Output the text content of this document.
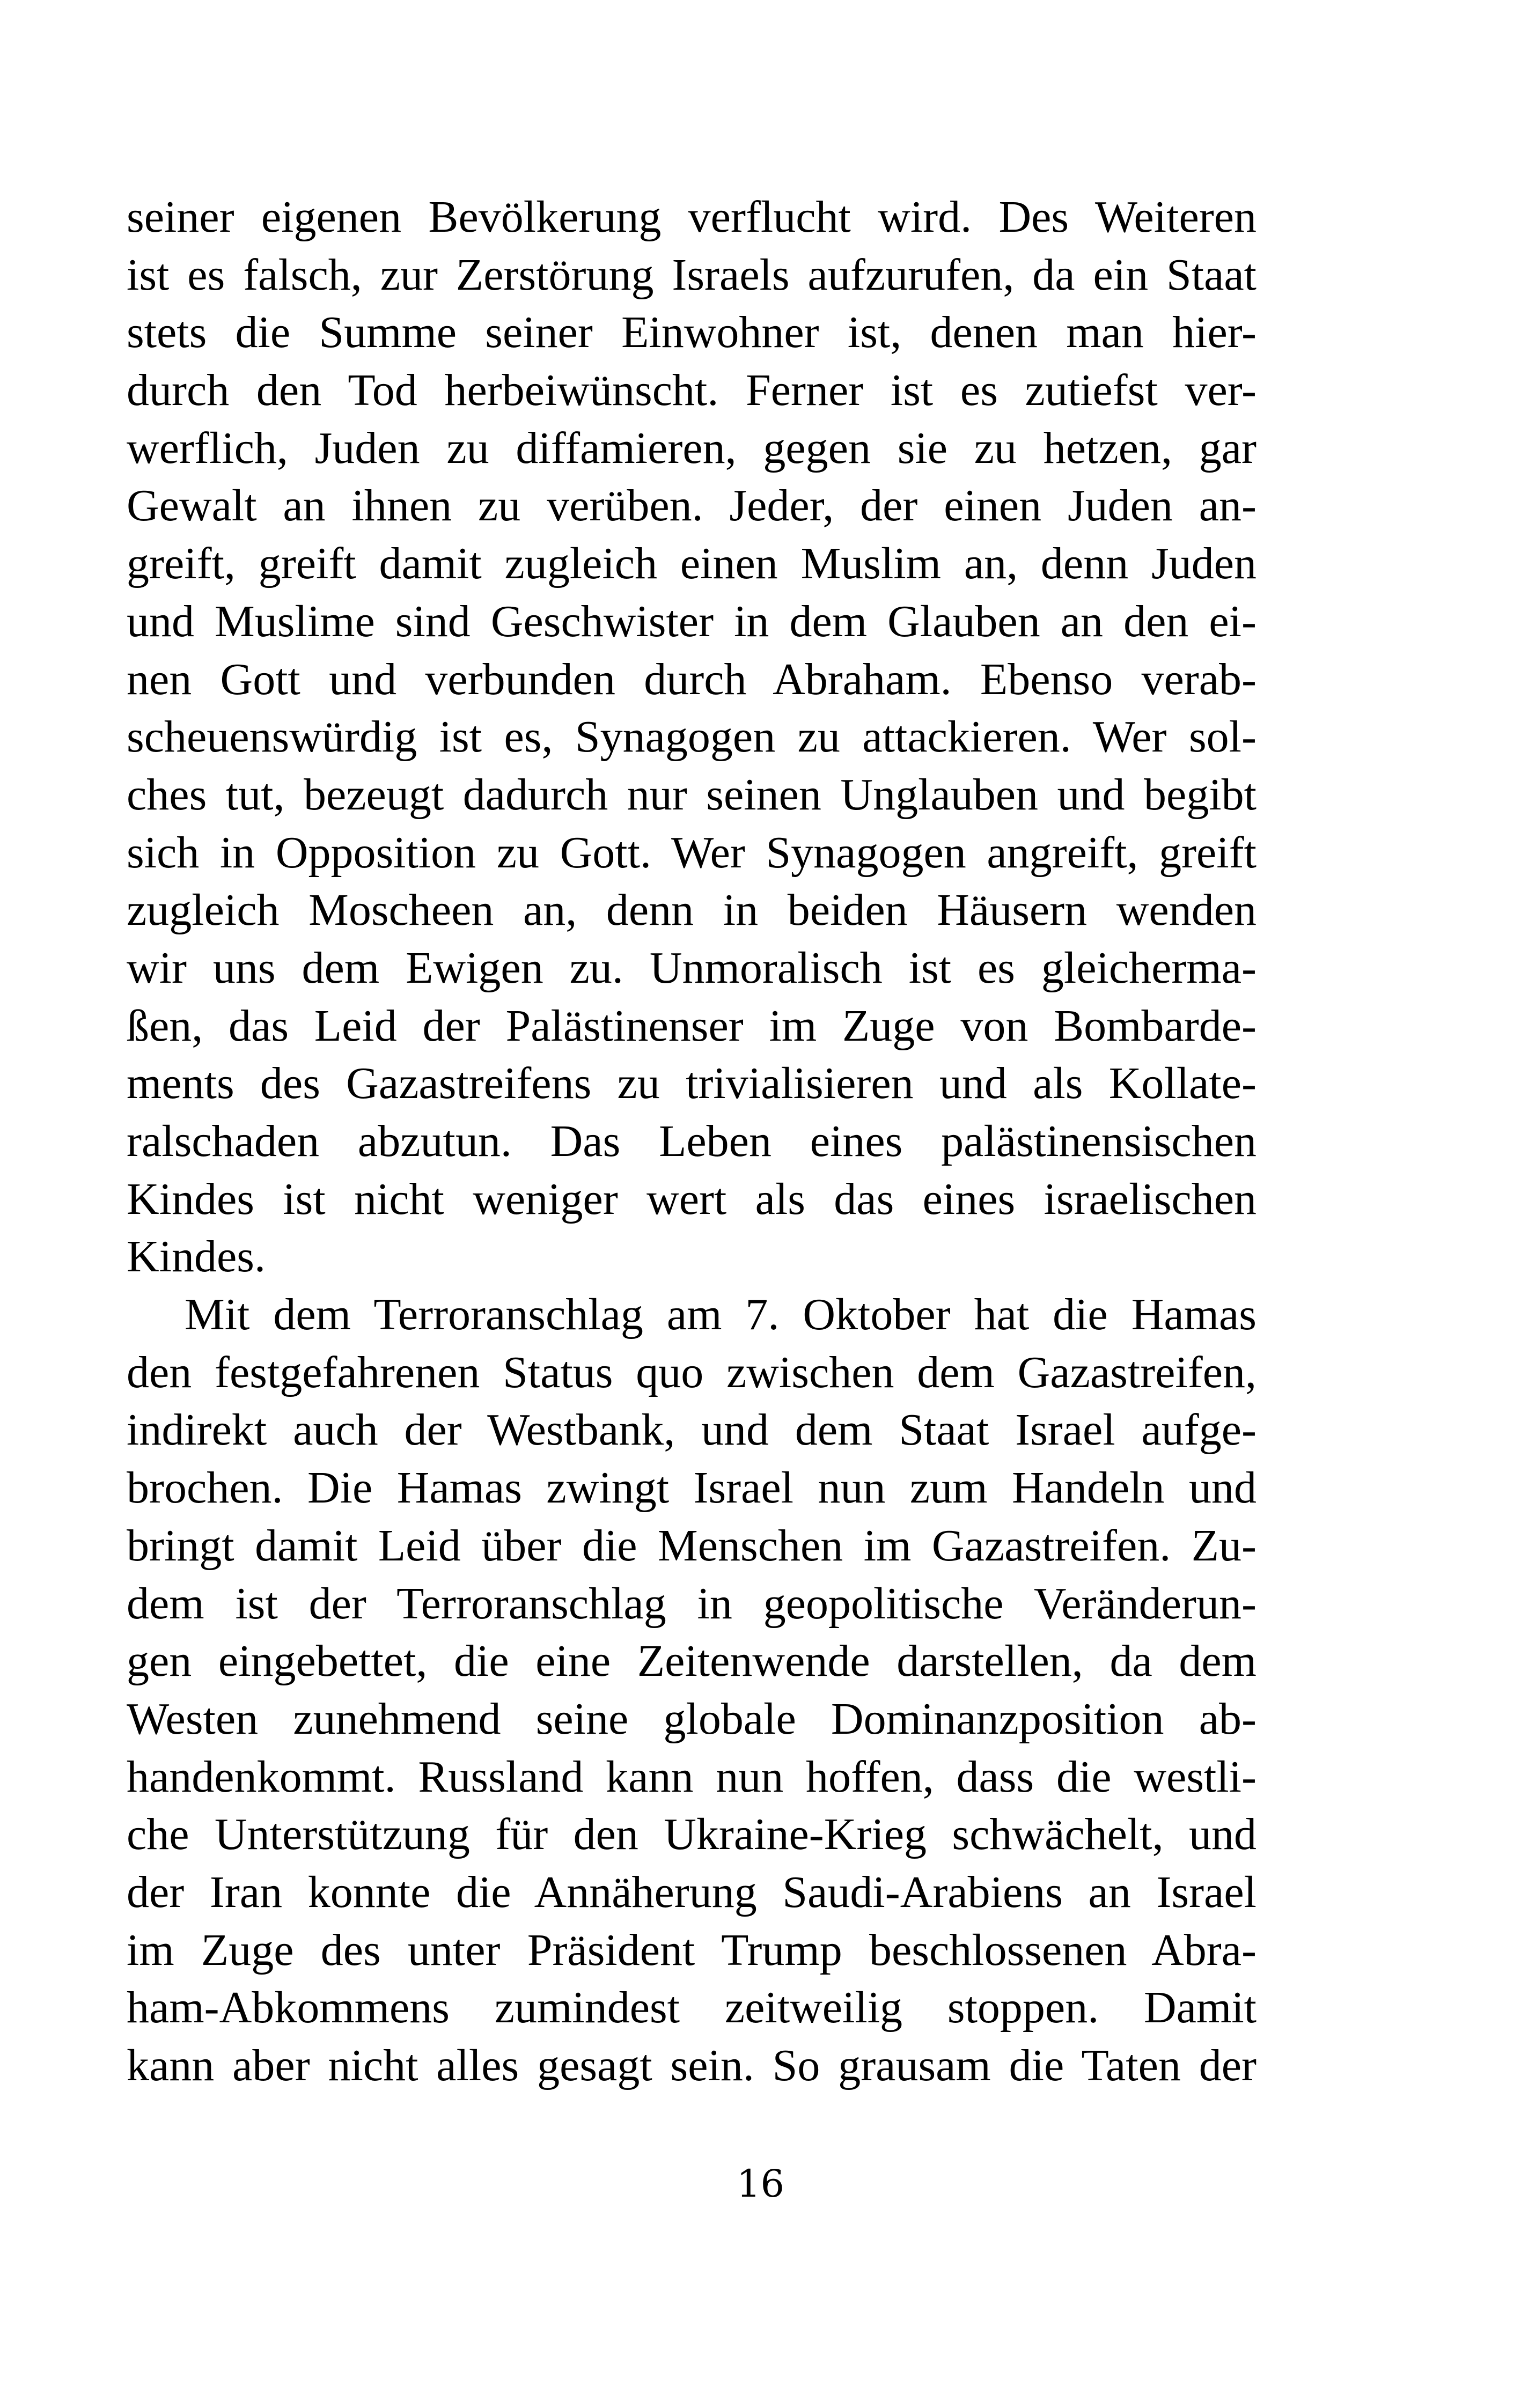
seiner eigenen Bevölkerung verflucht wird. Des Weiteren
ist es falsch, zur Zerstörung Israels aufzurufen, da ein Staat
stets die Summe seiner Einwohner ist, denen man hier-
durch den Tod herbeiwünscht. Ferner ist es zutiefst ver-
werflich, Juden zu diffamieren, gegen sie zu hetzen, gar
Gewalt an ihnen zu verüben. Jeder, der einen Juden an-
greift, greift damit zugleich einen Muslim an, denn Juden
und Muslime sind Geschwister in dem Glauben an den ei-
nen Gott und verbunden durch Abraham. Ebenso verab-
scheuenswürdig ist es, Synagogen zu attackieren. Wer sol-
ches tut, bezeugt dadurch nur seinen Unglauben und begibt
sich in Opposition zu Gott. Wer Synagogen angreift, greift
zugleich Moscheen an, denn in beiden Häusern wenden
wir uns dem Ewigen zu. Unmoralisch ist es gleicherma-
ßen, das Leid der Palästinenser im Zuge von Bombarde-
ments des Gazastreifens zu trivialisieren und als Kollate-
ralschaden abzutun. Das Leben eines palästinensischen
Kindes ist nicht weniger wert als das eines israelischen
Kindes.
Mit dem Terroranschlag am 7. Oktober hat die Hamas
den festgefahrenen Status quo zwischen dem Gazastreifen,
indirekt auch der Westbank, und dem Staat Israel aufge-
brochen. Die Hamas zwingt Israel nun zum Handeln und
bringt damit Leid über die Menschen im Gazastreifen. Zu-
dem ist der Terroranschlag in geopolitische Veränderun-
gen eingebettet, die eine Zeitenwende darstellen, da dem
Westen zunehmend seine globale Dominanzposition ab-
handenkommt. Russland kann nun hoffen, dass die westli-
che Unterstützung für den Ukraine-Krieg schwächelt, und
der Iran konnte die Annäherung Saudi-Arabiens an Israel
im Zuge des unter Präsident Trump beschlossenen Abra-
ham-Abkommens zumindest zeitweilig stoppen. Damit
kann aber nicht alles gesagt sein. So grausam die Taten der
16
